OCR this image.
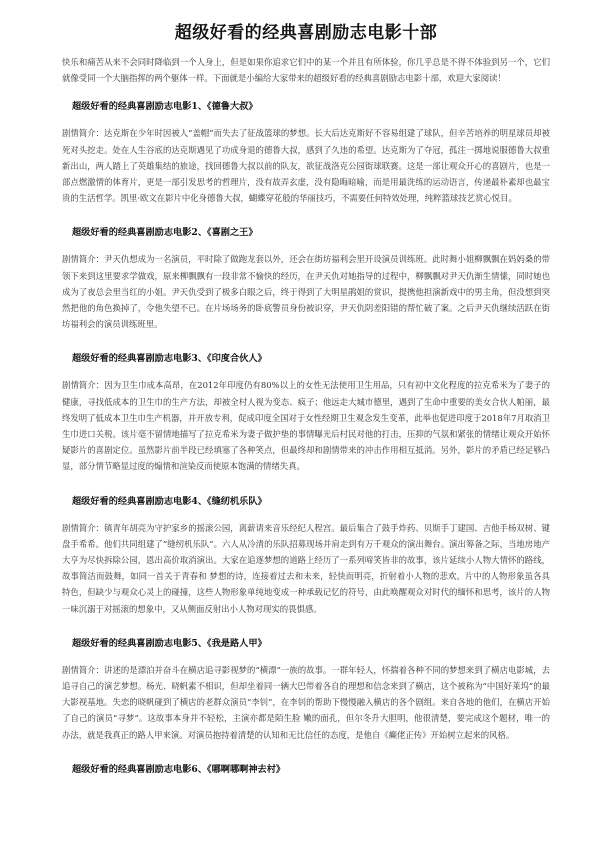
超级好看的经典喜剧励志电影十部

快乐和痛苦从来不会同时降临到一个人身上，但是如果你追求它们中的某一个并且有所体验，你几乎总是不得不体验到另一个，它们就像受同一个大脑指挥的两个躯体一样。下面就是小编给大家带来的超级好看的经典喜剧励志电影十部，欢迎大家阅读！

超级好看的经典喜剧励志电影1、《德鲁大叔》

剧情简介：达克斯在少年时因被人“盖帽”而失去了征战篮球的梦想。长大后达克斯好不容易组建了球队，但辛苦培养的明星球员却被死对头挖走。处在人生谷底的达克斯遇见了功成身退的德鲁大叔，感到了久违的希望。达克斯为了夺冠，孤注一掷地说服德鲁大叔重新出山，两人踏上了英雄集结的旅途，找回德鲁大叔以前的队友，欲征战洛克公园街球联赛。这是一部让观众开心的喜剧片，也是一部点燃激情的体育片，更是一部引发思考的哲理片，没有故弄玄虚，没有隐晦暗喻，而是用最洗练的运动语言，传递最朴素却也最宝贵的生活哲学。凯里·欧文在影片中化身德鲁大叔，蝴蝶穿花般的华丽技巧，不需要任何特效处理，纯粹篮球技艺赏心悦目。

超级好看的经典喜剧励志电影2、《喜剧之王》

剧情简介：尹天仇想成为一名演员，平时除了做跑龙套以外，还会在街坊福利会里开设演员训练班。此时舞小姐柳飘飘在妈妈桑的带领下来到这里要求学做戏，原来柳飘飘有一段非常不愉快的经历，在尹天仇对她指导的过程中，柳飘飘对尹天仇渐生情愫，同时她也成为了夜总会里当红的小姐。尹天仇受到了极多白眼之后，终于得到了大明星鹃姐的赏识，提携他担演新戏中的男主角，但没想到突然把他的角色换掉了，令他失望不已。在片场场务的卧底警员身份被识穿，尹天仇阴差阳错的帮忙破了案。之后尹天仇继续活跃在街坊福利会的演员训练班里。

超级好看的经典喜剧励志电影3、《印度合伙人》

剧情简介：因为卫生巾成本高昂，在2012年印度仍有80%以上的女性无法使用卫生用品，只有初中文化程度的拉克希米为了妻子的健康，寻找低成本的卫生巾的生产方法，却被全村人视为变态、疯子；他远走大城市德里，遇到了生命中重要的美女合伙人帕丽，最终发明了低成本卫生巾生产机器，并开放专利，促成印度全国对于女性经期卫生观念发生变革，此举也促进印度于2018年7月取消卫生巾进口关税。该片毫不留情地描写了拉克希米为妻子做护垫的事情曝光后村民对他的打击，压抑的气氛和紧张的情绪让观众开始怀疑影片的喜剧定位。虽然影片前半段已经填塞了各种笑点，但最终却和剧情带来的冲击作用相互抵消。另外，影片的矛盾已经足够凸显，部分情节略显过度的煽情和渲染反而使原本饱满的情绪失真。

超级好看的经典喜剧励志电影4、《缝纫机乐队》

剧情简介：镇青年胡亮为守护家乡的摇滚公园，离薪请来音乐经纪人程宫。最后集合了鼓手炸药、贝斯手丁建国、吉他手杨双树、键盘手希希。他们共同组建了“缝纫机乐队”。六人从冷清的乐队招募现场并肩走到有万千观众的演出舞台。演出筹备之际，当地房地产大亨为尽快拆除公园，恩出高价取消演出。大家在追逐梦想的道路上经历了一系列啼笑皆非的故事，该片延续小人物大情怀的路线，故事简洁而鼓舞，如同一首关于青春和 梦想的诗，连接着过去和未来，轻快而明亮，折射着小人物的悲欢。片中的人物形象虽各具特色，但缺少与观众心灵上的碰撞，这些人物形象单纯地变成一种承载记忆的符号，由此唤醒观众对时代的缅怀和思考，该片的人物一味沉溺于对摇滚的想象中，又从侧面反射出小人物对现实的畏惧感。

超级好看的经典喜剧励志电影5、《我是路人甲》

剧情简介：讲述的是漂泊并奋斗在横店追寻影视梦的“横漂”一族的故事。一群年轻人，怀揣着各种不同的梦想来到了横店电影城，去追寻自己的演艺梦想。杨光、晓帆素不相识，但却坐着同一辆大巴带着各自的理想和信念来到了横店，这个被称为“中国好莱坞”的最大影视基地。失恋的晓帆碰到了横店的老群众演员“李钊”，在李钊的帮助下慢慢融入横店的各个剧组。来自各地的他们，在横店开始了自己的演员“寻梦”。这故事本身并不轻松，主演亦都是陌生脸 嫩的面孔，但尔冬升大胆明，他很清楚，要完成这个题材，唯一的办法，就是我真正的路人甲来演。对演员抱持着清楚的认知和无比信任的态度，是他自《癫佬正传》开始树立起来的风格。

超级好看的经典喜剧励志电影6、《哪啊哪啊神去村》
